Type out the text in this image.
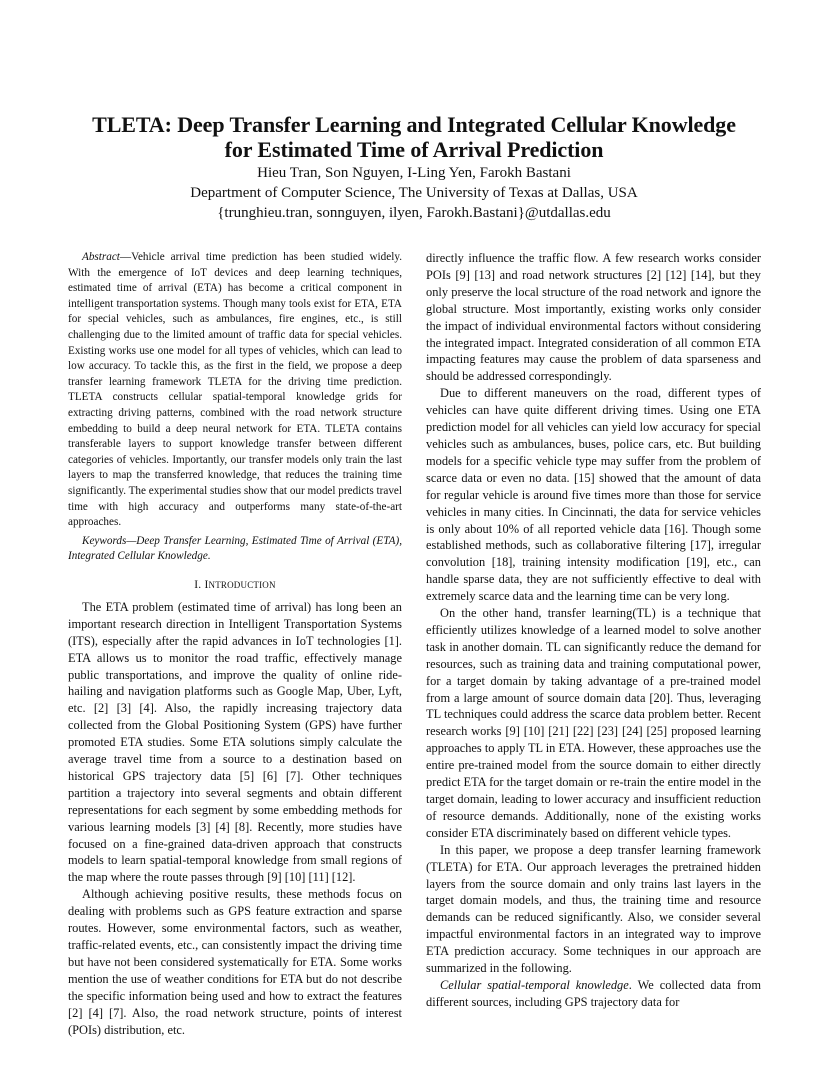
TLETA: Deep Transfer Learning and Integrated Cellular Knowledge
for Estimated Time of Arrival Prediction
Hieu Tran, Son Nguyen, I-Ling Yen, Farokh Bastani
Department of Computer Science, The University of Texas at Dallas, USA
{trunghieu.tran, sonnguyen, ilyen, Farokh.Bastani}@utdallas.edu

Abstract—Vehicle arrival time prediction has been studied widely. With the emergence of IoT devices and deep learning techniques, estimated time of arrival (ETA) has become a critical component in intelligent transportation systems. Though many tools exist for ETA, ETA for special vehicles, such as ambulances, fire engines, etc., is still challenging due to the limited amount of traffic data for special vehicles. Existing works use one model for all types of vehicles, which can lead to low accuracy. To tackle this, as the first in the field, we propose a deep transfer learning framework TLETA for the driving time prediction. TLETA constructs cellular spatial-temporal knowledge grids for extracting driving patterns, combined with the road network structure embedding to build a deep neural network for ETA. TLETA contains transferable layers to support knowledge transfer between different categories of vehicles. Importantly, our transfer models only train the last layers to map the transferred knowledge, that reduces the training time significantly. The experimental studies show that our model predicts travel time with high accuracy and outperforms many state-of-the-art approaches.

Keywords—Deep Transfer Learning, Estimated Time of Arrival (ETA), Integrated Cellular Knowledge.

I. INTRODUCTION

The ETA problem (estimated time of arrival) has long been an important research direction in Intelligent Transportation Systems (ITS), especially after the rapid advances in IoT technologies [1]. ETA allows us to monitor the road traffic, effectively manage public transportations, and improve the quality of online ride-hailing and navigation platforms such as Google Map, Uber, Lyft, etc. [2] [3] [4]. Also, the rapidly increasing trajectory data collected from the Global Positioning System (GPS) have further promoted ETA studies. Some ETA solutions simply calculate the average travel time from a source to a destination based on historical GPS trajectory data [5] [6] [7]. Other techniques partition a trajectory into several segments and obtain different representations for each segment by some embedding methods for various learning models [3] [4] [8]. Recently, more studies have focused on a fine-grained data-driven approach that constructs models to learn spatial-temporal knowledge from small regions of the map where the route passes through [9] [10] [11] [12].

Although achieving positive results, these methods focus on dealing with problems such as GPS feature extraction and sparse routes. However, some environmental factors, such as weather, traffic-related events, etc., can consistently impact the driving time but have not been considered systematically for ETA. Some works mention the use of weather conditions for ETA but do not describe the specific information being used and how to extract the features [2] [4] [7]. Also, the road network structure, points of interest (POIs) distribution, etc.

directly influence the traffic flow. A few research works consider POIs [9] [13] and road network structures [2] [12] [14], but they only preserve the local structure of the road network and ignore the global structure. Most importantly, existing works only consider the impact of individual environmental factors without considering the integrated impact. Integrated consideration of all common ETA impacting features may cause the problem of data sparseness and should be addressed correspondingly.

Due to different maneuvers on the road, different types of vehicles can have quite different driving times. Using one ETA prediction model for all vehicles can yield low accuracy for special vehicles such as ambulances, buses, police cars, etc. But building models for a specific vehicle type may suffer from the problem of scarce data or even no data. [15] showed that the amount of data for regular vehicle is around five times more than those for service vehicles in many cities. In Cincinnati, the data for service vehicles is only about 10% of all reported vehicle data [16]. Though some established methods, such as collaborative filtering [17], irregular convolution [18], training intensity modification [19], etc., can handle sparse data, they are not sufficiently effective to deal with extremely scarce data and the learning time can be very long.

On the other hand, transfer learning(TL) is a technique that efficiently utilizes knowledge of a learned model to solve another task in another domain. TL can significantly reduce the demand for resources, such as training data and training computational power, for a target domain by taking advantage of a pre-trained model from a large amount of source domain data [20]. Thus, leveraging TL techniques could address the scarce data problem better. Recent research works [9] [10] [21] [22] [23] [24] [25] proposed learning approaches to apply TL in ETA. However, these approaches use the entire pre-trained model from the source domain to either directly predict ETA for the target domain or re-train the entire model in the target domain, leading to lower accuracy and insufficient reduction of resource demands. Additionally, none of the existing works consider ETA discriminately based on different vehicle types.

In this paper, we propose a deep transfer learning framework (TLETA) for ETA. Our approach leverages the pretrained hidden layers from the source domain and only trains last layers in the target domain models, and thus, the training time and resource demands can be reduced significantly. Also, we consider several impactful environmental factors in an integrated way to improve ETA prediction accuracy. Some techniques in our approach are summarized in the following.

Cellular spatial-temporal knowledge. We collected data from different sources, including GPS trajectory data for
